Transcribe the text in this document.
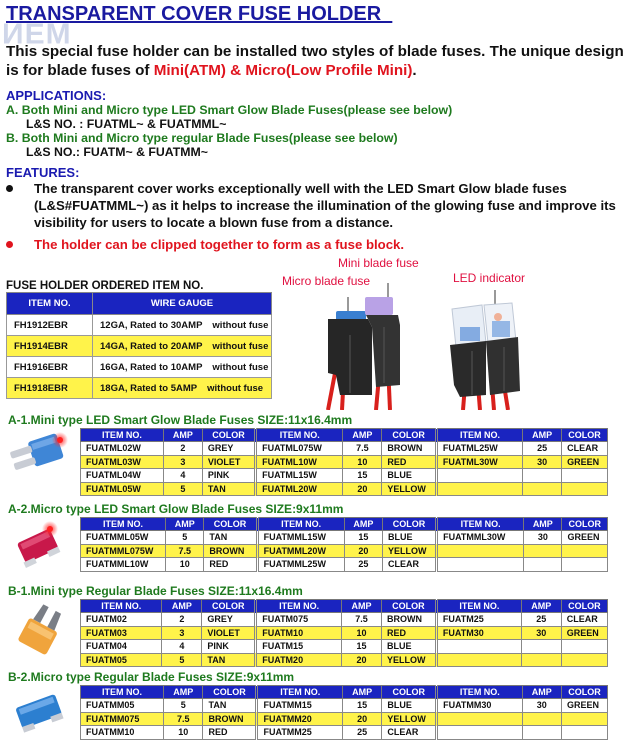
ИEM
TRANSPARENT COVER FUSE HOLDER
This special fuse holder can be installed two styles of blade fuses. The unique design is for blade fuses of Mini(ATM) & Micro(Low Profile Mini).
APPLICATIONS:
A. Both Mini and Micro type LED Smart Glow Blade Fuses(please see below)
L&S NO. : FUATML~ & FUATMML~
B. Both Mini and Micro type regular Blade Fuses(please see below)
L&S NO.: FUATM~ & FUATMM~
FEATURES:
The transparent cover works exceptionally well with the LED Smart Glow blade fuses (L&S#FUATMML~) as it helps to increase the illumination of the glowing fuse and improve its visibility for users to locate a blown fuse from a distance.
The holder can be clipped together to form as a fuse block.
FUSE HOLDER ORDERED ITEM NO.
ITEM NO.	WIRE GAUGE
FH1912EBR	12GA, Rated to 30AMP without fuse
FH1914EBR	14GA, Rated to 20AMP without fuse
FH1916EBR	16GA, Rated to 10AMP without fuse
FH1918EBR	18GA, Rated to 5AMP without fuse
Mini blade fuse
Micro blade fuse	LED indicator
A-1.Mini type LED Smart Glow Blade Fuses SIZE:11x16.4mm
ITEM NO.	AMP	COLOR	ITEM NO.	AMP	COLOR	ITEM NO.	AMP	COLOR
FUATML02W	2	GREY	FUATML075W	7.5	BROWN	FUATML25W	25	CLEAR
FUATML03W	3	VIOLET	FUATML10W	10	RED	FUATML30W	30	GREEN
FUATML04W	4	PINK	FUATML15W	15	BLUE			
FUATML05W	5	TAN	FUATML20W	20	YELLOW			
A-2.Micro type LED Smart Glow Blade Fuses SIZE:9x11mm
ITEM NO.	AMP	COLOR	ITEM NO.	AMP	COLOR	ITEM NO.	AMP	COLOR
FUATMML05W	5	TAN	FUATMML15W	15	BLUE	FUATMML30W	30	GREEN
FUATMML075W	7.5	BROWN	FUATMML20W	20	YELLOW			
FUATMML10W	10	RED	FUATMML25W	25	CLEAR			
B-1.Mini type Regular Blade Fuses SIZE:11x16.4mm
ITEM NO.	AMP	COLOR	ITEM NO.	AMP	COLOR	ITEM NO.	AMP	COLOR
FUATM02	2	GREY	FUATM075	7.5	BROWN	FUATM25	25	CLEAR
FUATM03	3	VIOLET	FUATM10	10	RED	FUATM30	30	GREEN
FUATM04	4	PINK	FUATM15	15	BLUE			
FUATM05	5	TAN	FUATM20	20	YELLOW			
B-2.Micro type Regular Blade Fuses SIZE:9x11mm
ITEM NO.	AMP	COLOR	ITEM NO.	AMP	COLOR	ITEM NO.	AMP	COLOR
FUATMM05	5	TAN	FUATMM15	15	BLUE	FUATMM30	30	GREEN
FUATMM075	7.5	BROWN	FUATMM20	20	YELLOW			
FUATMM10	10	RED	FUATMM25	25	CLEAR			
